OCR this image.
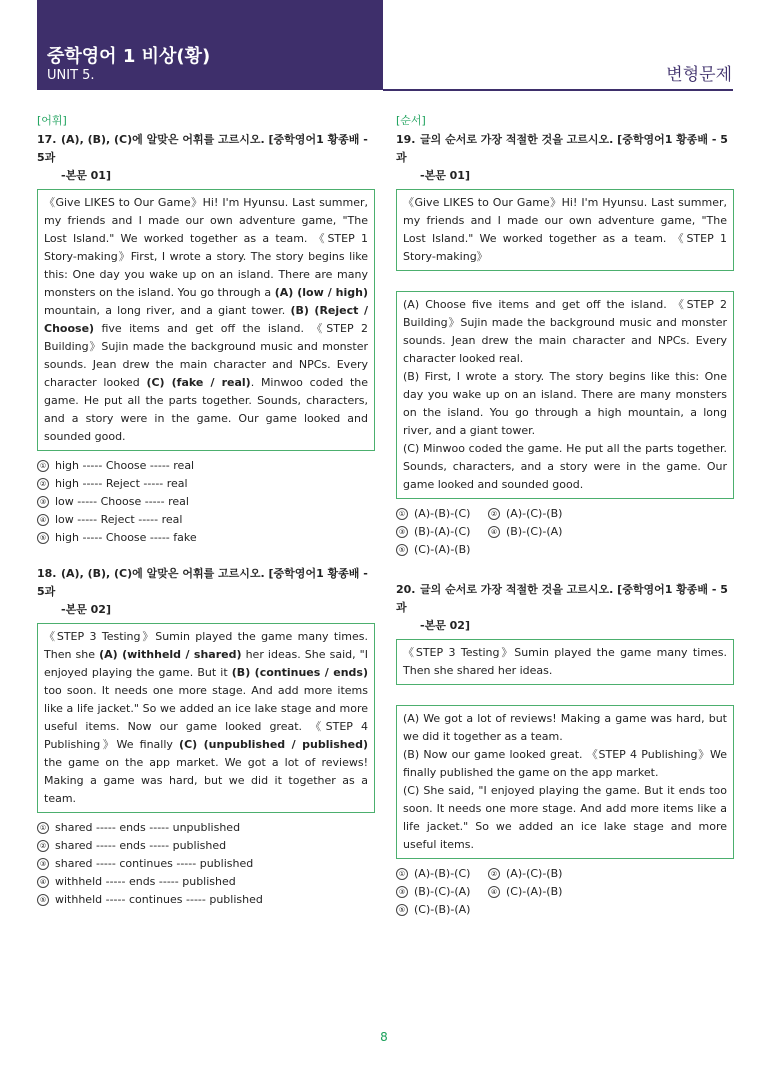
중학영어 1 비상(황)
UNIT 5.	변형문제
[어휘]
17. (A), (B), (C)에 알맞은 어휘를 고르시오. [중학영어1 황종배 - 5과
-본문 01]
《Give LIKES to Our Game》Hi! I'm Hyunsu. Last summer, my friends and I made our own adventure game, "The Lost Island." We worked together as a team. 《STEP 1 Story-making》First, I wrote a story. The story begins like this: One day you wake up on an island. There are many monsters on the island. You go through a (A) (low / high) mountain, a long river, and a giant tower. (B) (Reject / Choose) five items and get off the island. 《STEP 2 Building》Sujin made the background music and monster sounds. Jean drew the main character and NPCs. Every character looked (C) (fake / real). Minwoo coded the game. He put all the parts together. Sounds, characters, and a story were in the game. Our game looked and sounded good.
① high ----- Choose ----- real
② high ----- Reject ----- real
③ low ----- Choose ----- real
④ low ----- Reject ----- real
⑤ high ----- Choose ----- fake
18. (A), (B), (C)에 알맞은 어휘를 고르시오. [중학영어1 황종배 - 5과
-본문 02]
《STEP 3 Testing》Sumin played the game many times. Then she (A) (withheld / shared) her ideas. She said, "I enjoyed playing the game. But it (B) (continues / ends) too soon. It needs one more stage. And add more items like a life jacket." So we added an ice lake stage and more useful items. Now our game looked great. 《STEP 4 Publishing》We finally (C) (unpublished / published) the game on the app market. We got a lot of reviews! Making a game was hard, but we did it together as a team.
① shared ----- ends ----- unpublished
② shared ----- ends ----- published
③ shared ----- continues ----- published
④ withheld ----- ends ----- published
⑤ withheld ----- continues ----- published
[순서]
19. 글의 순서로 가장 적절한 것을 고르시오. [중학영어1 황종배 - 5과
-본문 01]
《Give LIKES to Our Game》Hi! I'm Hyunsu. Last summer, my friends and I made our own adventure game, "The Lost Island." We worked together as a team. 《STEP 1 Story-making》
(A) Choose five items and get off the island. 《STEP 2 Building》Sujin made the background music and monster sounds. Jean drew the main character and NPCs. Every character looked real.
(B) First, I wrote a story. The story begins like this: One day you wake up on an island. There are many monsters on the island. You go through a high mountain, a long river, and a giant tower.
(C) Minwoo coded the game. He put all the parts together. Sounds, characters, and a story were in the game. Our game looked and sounded good.
① (A)-(B)-(C)	② (A)-(C)-(B)
③ (B)-(A)-(C)	④ (B)-(C)-(A)
⑤ (C)-(A)-(B)
20. 글의 순서로 가장 적절한 것을 고르시오. [중학영어1 황종배 - 5과
-본문 02]
《STEP 3 Testing》Sumin played the game many times. Then she shared her ideas.
(A) We got a lot of reviews! Making a game was hard, but we did it together as a team.
(B) Now our game looked great. 《STEP 4 Publishing》We finally published the game on the app market.
(C) She said, "I enjoyed playing the game. But it ends too soon. It needs one more stage. And add more items like a life jacket." So we added an ice lake stage and more useful items.
① (A)-(B)-(C)	② (A)-(C)-(B)
③ (B)-(C)-(A)	④ (C)-(A)-(B)
⑤ (C)-(B)-(A)
8
